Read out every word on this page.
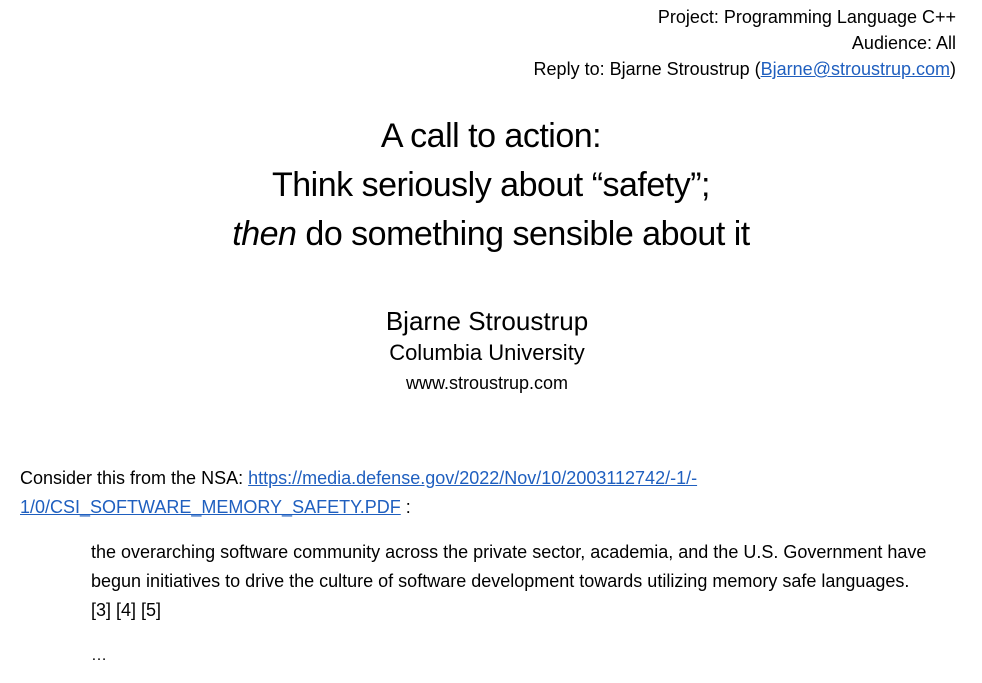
Project: Programming Language C++
Audience: All
Reply to: Bjarne Stroustrup (Bjarne@stroustrup.com)
A call to action:
Think seriously about “safety”;
then do something sensible about it
Bjarne Stroustrup
Columbia University
www.stroustrup.com
Consider this from the NSA: https://media.defense.gov/2022/Nov/10/2003112742/-1/-
1/0/CSI_SOFTWARE_MEMORY_SAFETY.PDF :
the overarching software community across the private sector, academia, and the U.S. Government have begun initiatives to drive the culture of software development towards utilizing memory safe languages. [3] [4] [5]
…
